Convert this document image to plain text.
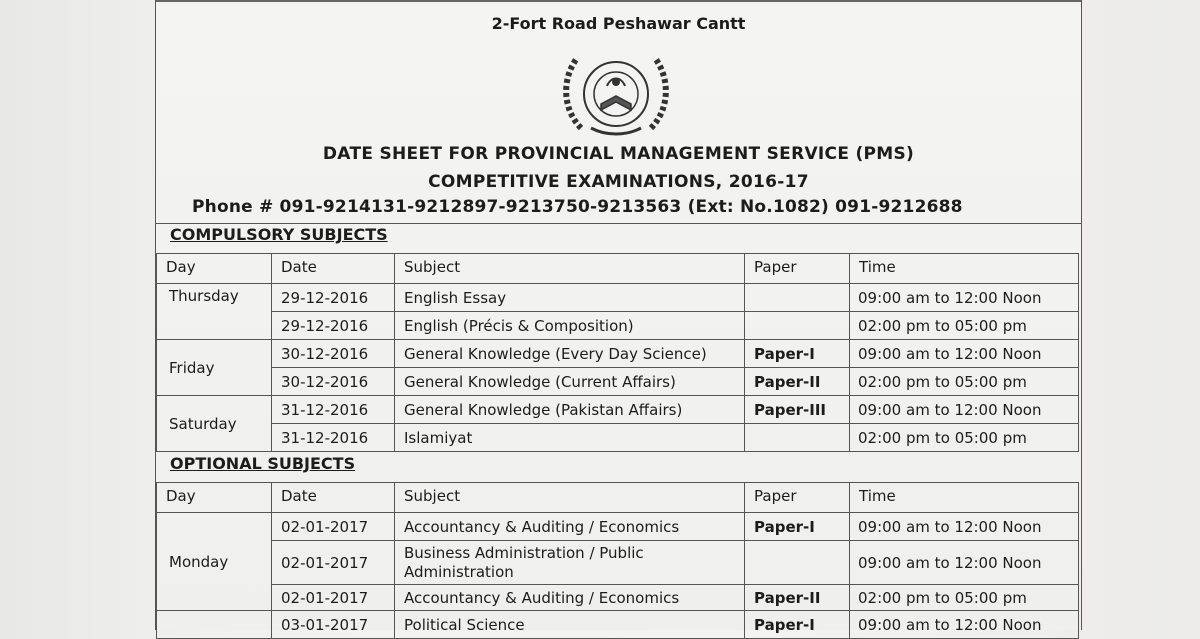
2-Fort Road Peshawar Cantt
DATE SHEET FOR PROVINCIAL MANAGEMENT SERVICE (PMS)
COMPETITIVE EXAMINATIONS, 2016-17
Phone # 091-9214131-9212897-9213750-9213563 (Ext: No.1082) 091-9212688
COMPULSORY SUBJECTS
Day	Date	Subject	Paper	Time
Thursday	29-12-2016	English Essay		09:00 am to 12:00 Noon
	29-12-2016	English (Précis & Composition)		02:00 pm to 05:00 pm
Friday	30-12-2016	General Knowledge (Every Day Science)	Paper-I	09:00 am to 12:00 Noon
	30-12-2016	General Knowledge (Current Affairs)	Paper-II	02:00 pm to 05:00 pm
Saturday	31-12-2016	General Knowledge (Pakistan Affairs)	Paper-III	09:00 am to 12:00 Noon
	31-12-2016	Islamiyat		02:00 pm to 05:00 pm
OPTIONAL SUBJECTS
Day	Date	Subject	Paper	Time
Monday	02-01-2017	Accountancy & Auditing / Economics	Paper-I	09:00 am to 12:00 Noon
	02-01-2017	Business Administration / Public Administration		09:00 am to 12:00 Noon
	02-01-2017	Accountancy & Auditing / Economics	Paper-II	02:00 pm to 05:00 pm
	03-01-2017	Political Science	Paper-I	09:00 am to 12:00 Noon
